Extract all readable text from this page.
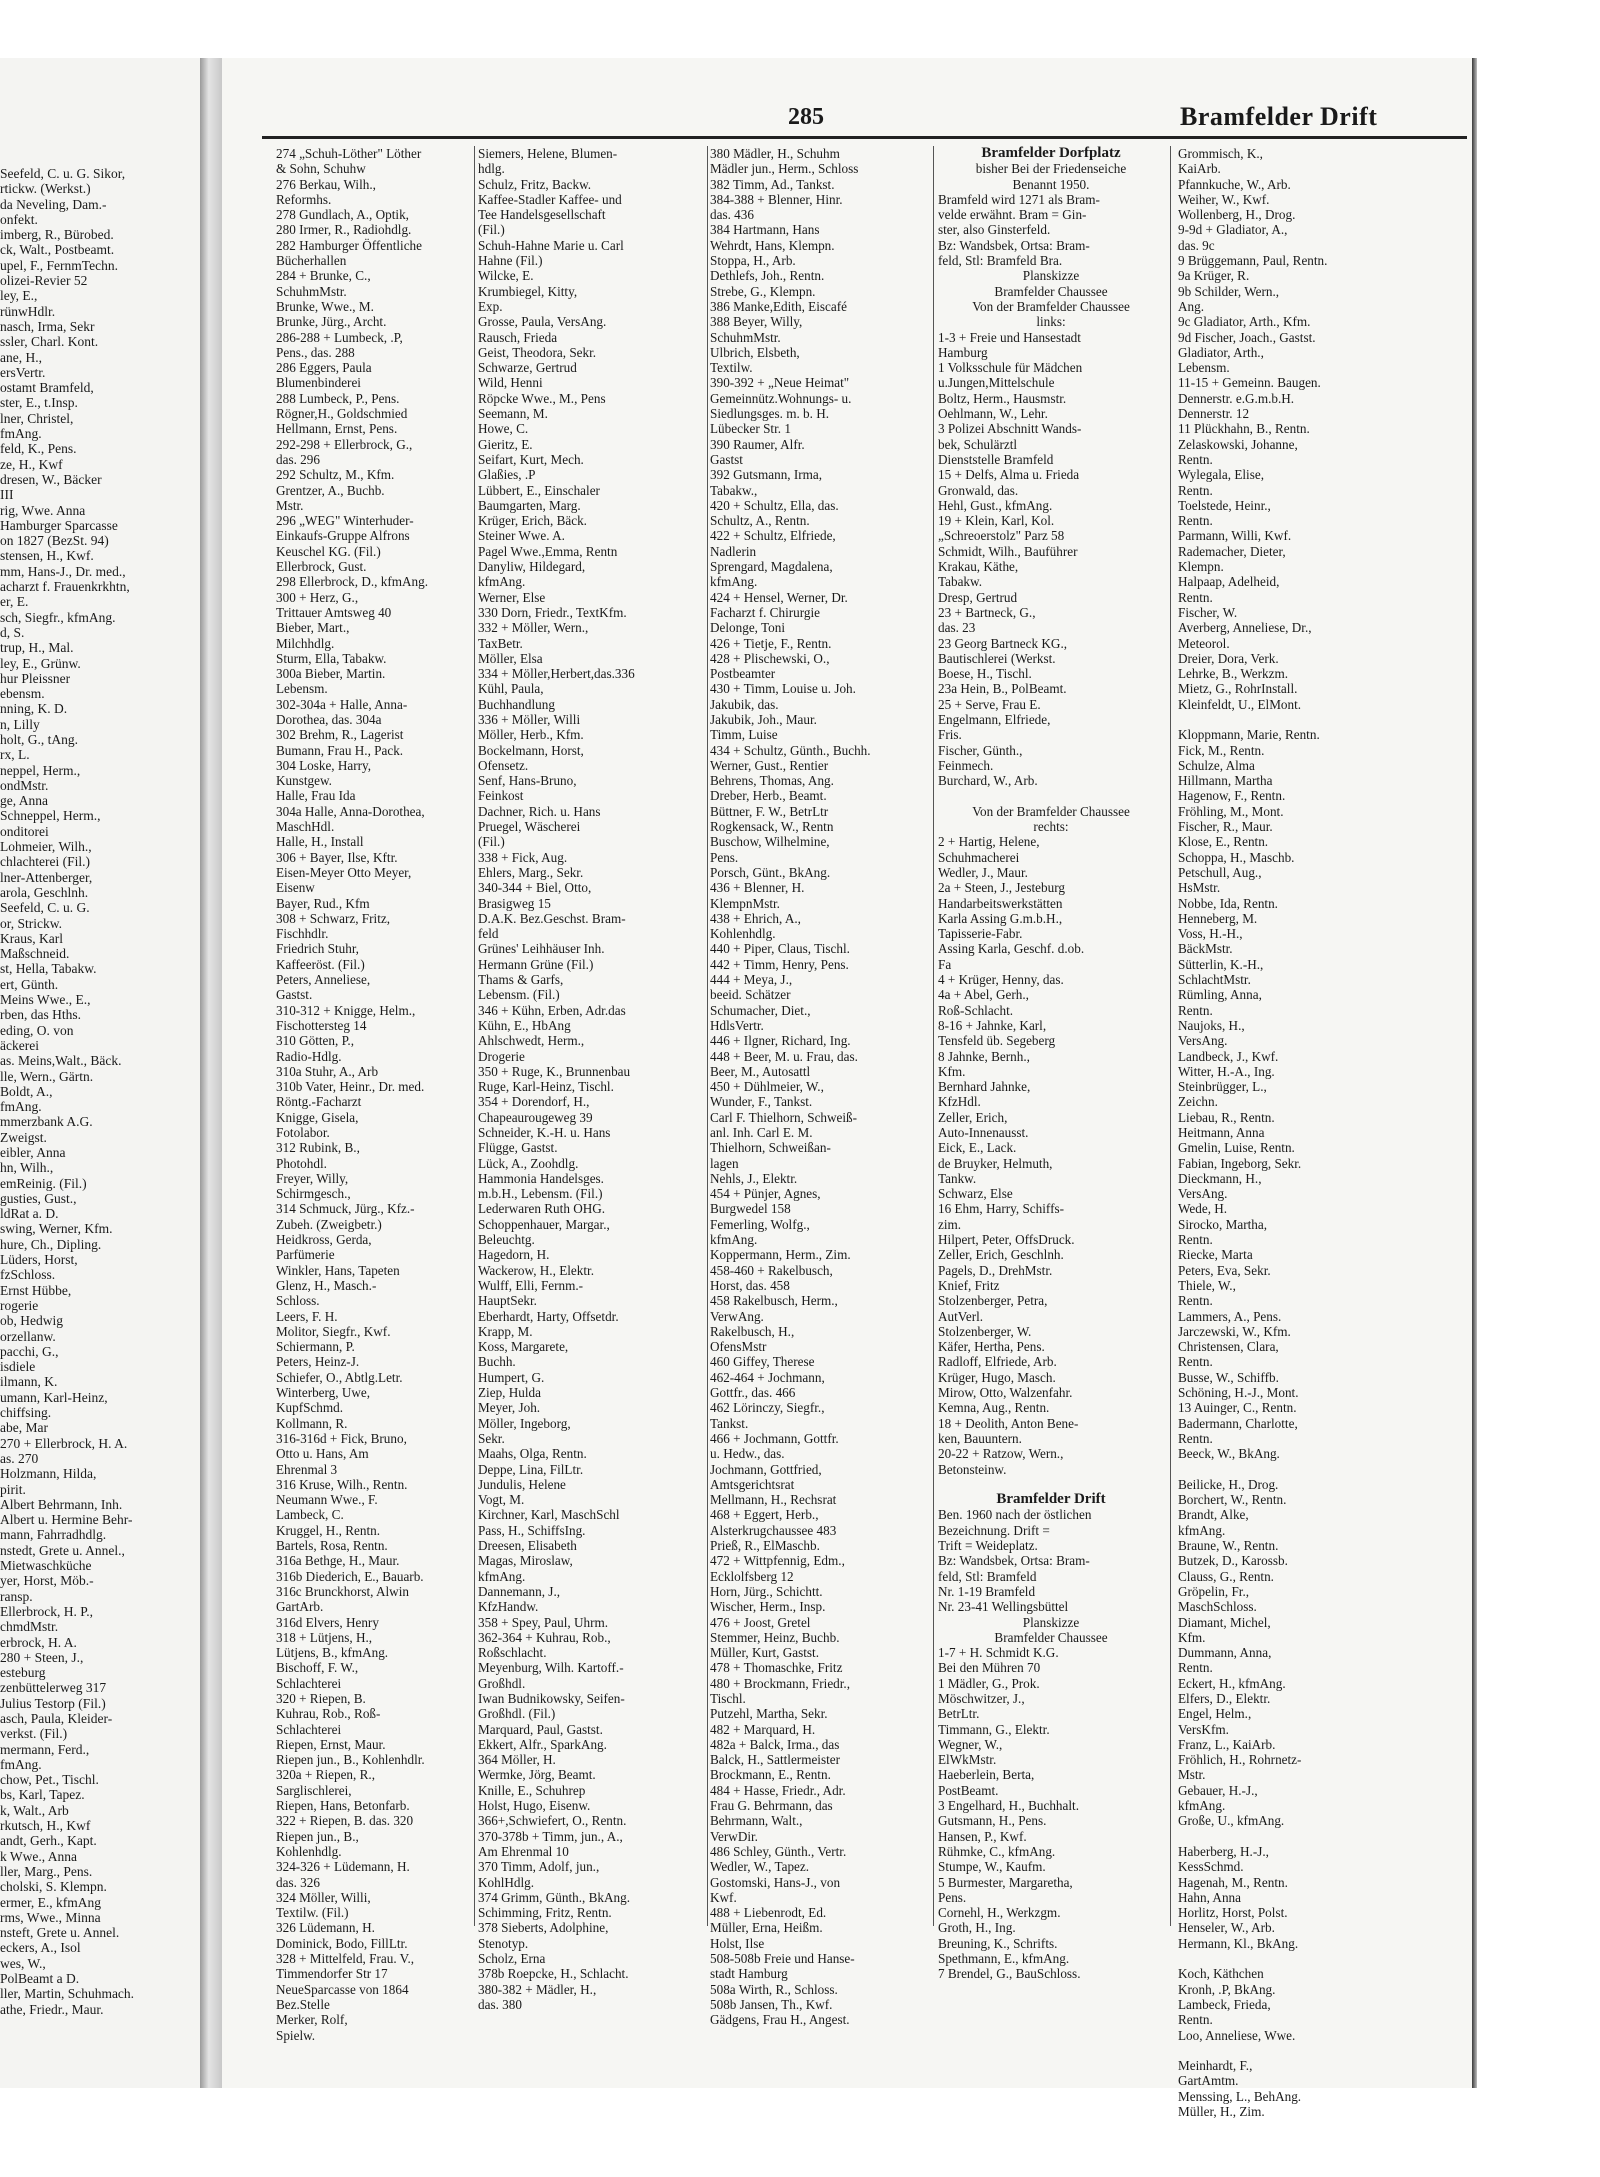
Seefeld, C. u. G. Sikor,

rtickw. (Werkst.)

da Neveling, Dam.-

onfekt.

imberg, R., Bürobed.

ck, Walt., Postbeamt.

upel, F., FernmTechn.

olizei-Revier 52

ley, E.,

rünwHdlr.

nasch, Irma, Sekr

ssler, Charl. Kont.

ane, H.,

ersVertr.

ostamt Bramfeld,

ster, E., t.Insp.

lner, Christel,

fmAng.

feld, K., Pens.

ze, H., Kwf

dresen, W., Bäcker

III

rig, Wwe. Anna

Hamburger Sparcasse

on 1827 (BezSt. 94)

stensen, H., Kwf.

mm, Hans-J., Dr. med.,

acharzt f. Frauenkrkhtn,

er, E.

sch, Siegfr., kfmAng.

d, S.

trup, H., Mal.

ley, E., Grünw.

hur Pleissner

ebensm.

nning, K. D.

n, Lilly

holt, G., tAng.

rx, L.

neppel, Herm.,

ondMstr.

ge, Anna

Schneppel, Herm.,

onditorei

Lohmeier, Wilh.,

chlachterei (Fil.)

lner-Attenberger,

arola, Geschlnh.

Seefeld, C. u. G.

or, Strickw.

Kraus, Karl

Maßschneid.

st, Hella, Tabakw.

ert, Günth.

Meins Wwe., E.,

rben, das Hths.

eding, O. von

äckerei

as. Meins,Walt., Bäck.

lle, Wern., Gärtn.

Boldt, A.,

fmAng.

mmerzbank A.G.

Zweigst.

eibler, Anna

hn, Wilh.,

emReinig. (Fil.)

gusties, Gust.,

ldRat a. D.

swing, Werner, Kfm.

hure, Ch., Dipling.

Lüders, Horst,

fzSchloss.

Ernst Hübbe,

rogerie

ob, Hedwig

orzellanw.

pacchi, G.,

isdiele

ilmann, K.

umann, Karl-Heinz,

chiffsing.

abe, Mar

270 + Ellerbrock, H. A.

as. 270

Holzmann, Hilda,

pirit.

Albert Behrmann, Inh.

Albert u. Hermine Behr-

mann, Fahrradhdlg.

nstedt, Grete u. Annel.,

Mietwaschküche

yer, Horst, Möb.-

ransp.

Ellerbrock, H. P.,

chmdMstr.

erbrock, H. A.

280 + Steen, J.,

esteburg

zenbüttelerweg 317

Julius Testorp (Fil.)

asch, Paula, Kleider-

verkst. (Fil.)

mermann, Ferd.,

fmAng.

chow, Pet., Tischl.

bs, Karl, Tapez.

k, Walt., Arb

rkutsch, H., Kwf

andt, Gerh., Kapt.

k Wwe., Anna

ller, Marg., Pens.

cholski, S. Klempn.

ermer, E., kfmAng

rms, Wwe., Minna

nsteft, Grete u. Annel.

eckers, A., Isol

wes, W.,

PolBeamt a D.

ller, Martin, Schuhmach.

athe, Friedr., Maur.

285	Bramfelder Drift

274 „Schuh-Löther" Löther

& Sohn, Schuhw

276 Berkau, Wilh.,

Reformhs.

278 Gundlach, A., Optik,

280 Irmer, R., Radiohdlg.

282 Hamburger Öffentliche

Bücherhallen

284 + Brunke, C.,

SchuhmMstr.

Brunke, Wwe., M.

Brunke, Jürg., Archt.

286-288 + Lumbeck, .P,

Pens., das. 288

286 Eggers, Paula

Blumenbinderei

288 Lumbeck, P., Pens.

Rögner,H., Goldschmied

Hellmann, Ernst, Pens.

292-298 + Ellerbrock, G.,

das. 296

292 Schultz, M., Kfm.

Grentzer, A., Buchb.

Mstr.

296 „WEG" Winterhuder-

Einkaufs-Gruppe Alfrons

Keuschel KG. (Fil.)

Ellerbrock, Gust.

298 Ellerbrock, D., kfmAng.

300 + Herz, G.,

Trittauer Amtsweg 40

Bieber, Mart.,

Milchhdlg.

Sturm, Ella, Tabakw.

300a Bieber, Martin.

Lebensm.

302-304a + Halle, Anna-

Dorothea, das. 304a

302 Brehm, R., Lagerist

Bumann, Frau H., Pack.

304 Loske, Harry,

Kunstgew.

Halle, Frau Ida

304a Halle, Anna-Dorothea,

MaschHdl.

Halle, H., Install

306 + Bayer, Ilse, Kftr.

Eisen-Meyer Otto Meyer,

Eisenw

Bayer, Rud., Kfm

308 + Schwarz, Fritz,

Fischhdlr.

Friedrich Stuhr,

Kaffeeröst. (Fil.)

Peters, Anneliese,

Gastst.

310-312 + Knigge, Helm.,

Fischottersteg 14

310 Götten, P.,

Radio-Hdlg.

310a Stuhr, A., Arb

310b Vater, Heinr., Dr. med.

Röntg.-Facharzt

Knigge, Gisela,

Fotolabor.

312 Rubink, B.,

Photohdl.

Freyer, Willy,

Schirmgesch.,

314 Schmuck, Jürg., Kfz.-

Zubeh. (Zweigbetr.)

Heidkross, Gerda,

Parfümerie

Winkler, Hans, Tapeten

Glenz, H., Masch.-

Schloss.

Leers, F. H.

Molitor, Siegfr., Kwf.

Schiermann, P.

Peters, Heinz-J.

Schiefer, O., Abtlg.Letr.

Winterberg, Uwe,

KupfSchmd.

Kollmann, R.

316-316d + Fick, Bruno,

Otto u. Hans, Am

Ehrenmal 3

316 Kruse, Wilh., Rentn.

Neumann Wwe., F.

Lambeck, C.

Kruggel, H., Rentn.

Bartels, Rosa, Rentn.

316a Bethge, H., Maur.

316b Diederich, E., Bauarb.

316c Brunckhorst, Alwin

GartArb.

316d Elvers, Henry

318 + Lütjens, H.,

Lütjens, B., kfmAng.

Bischoff, F. W.,

Schlachterei

320 + Riepen, B.

Kuhrau, Rob., Roß-

Schlachterei

Riepen, Ernst, Maur.

Riepen jun., B., Kohlenhdlr.

320a + Riepen, R.,

Sarglischlerei,

Riepen, Hans, Betonfarb.

322 + Riepen, B. das. 320

Riepen jun., B.,

Kohlenhdlg.

324-326 + Lüdemann, H.

das. 326

324 Möller, Willi,

Textilw. (Fil.)

326 Lüdemann, H.

Dominick, Bodo, FillLtr.

328 + Mittelfeld, Frau. V.,

Timmendorfer Str 17

NeueSparcasse von 1864

Bez.Stelle

Merker, Rolf,

Spielw.

Siemers, Helene, Blumen-

hdlg.

Schulz, Fritz, Backw.

Kaffee-Stadler Kaffee- und

Tee Handelsgesellschaft

(Fil.)

Schuh-Hahne Marie u. Carl

Hahne (Fil.)

Wilcke, E.

Krumbiegel, Kitty,

Exp.

Grosse, Paula, VersAng.

Rausch, Frieda

Geist, Theodora, Sekr.

Schwarze, Gertrud

Wild, Henni

Röpcke Wwe., M., Pens

Seemann, M.

Howe, C.

Gieritz, E.

Seifart, Kurt, Mech.

Glaßies, .P

Lübbert, E., Einschaler

Baumgarten, Marg.

Krüger, Erich, Bäck.

Steiner Wwe. A.

Pagel Wwe.,Emma, Rentn

Danyliw, Hildegard,

kfmAng.

Werner, Else

330 Dorn, Friedr., TextKfm.

332 + Möller, Wern.,

TaxBetr.

Möller, Elsa

334 + Möller,Herbert,das.336

Kühl, Paula,

Buchhandlung

336 + Möller, Willi

Möller, Herb., Kfm.

Bockelmann, Horst,

Ofensetz.

Senf, Hans-Bruno,

Feinkost

Dachner, Rich. u. Hans

Pruegel, Wäscherei

(Fil.)

338 + Fick, Aug.

Ehlers, Marg., Sekr.

340-344 + Biel, Otto,

Brasigweg 15

D.A.K. Bez.Geschst. Bram-

feld

Grünes' Leihhäuser Inh.

Hermann Grüne (Fil.)

Thams & Garfs,

Lebensm. (Fil.)

346 + Kühn, Erben, Adr.das

Kühn, E., HbAng

Ahlschwedt, Herm.,

Drogerie

350 + Ruge, K., Brunnenbau

Ruge, Karl-Heinz, Tischl.

354 + Dorendorf, H.,

Chapeaurougeweg 39

Schneider, K.-H. u. Hans

Flügge, Gastst.

Lück, A., Zoohdlg.

Hammonia Handelsges.

m.b.H., Lebensm. (Fil.)

Lederwaren Ruth OHG.

Schoppenhauer, Margar.,

Beleuchtg.

Hagedorn, H.

Wackerow, H., Elektr.

Wulff, Elli, Fernm.-

HauptSekr.

Eberhardt, Harty, Offsetdr.

Krapp, M.

Koss, Margarete,

Buchh.

Humpert, G.

Ziep, Hulda

Meyer, Joh.

Möller, Ingeborg,

Sekr.

Maahs, Olga, Rentn.

Deppe, Lina, FilLtr.

Jundulis, Helene

Vogt, M.

Kirchner, Karl, MaschSchl

Pass, H., SchiffsIng.

Dreesen, Elisabeth

Magas, Miroslaw,

kfmAng.

Dannemann, J.,

KfzHandw.

358 + Spey, Paul, Uhrm.

362-364 + Kuhrau, Rob.,

Roßschlacht.

Meyenburg, Wilh. Kartoff.-

Großhdl.

Iwan Budnikowsky, Seifen-

Großhdl. (Fil.)

Marquard, Paul, Gastst.

Ekkert, Alfr., SparkAng.

364 Möller, H.

Wermke, Jörg, Beamt.

Knille, E., Schuhrep

Holst, Hugo, Eisenw.

366+,Schwiefert, O., Rentn.

370-378b + Timm, jun., A.,

Am Ehrenmal 10

370 Timm, Adolf, jun.,

KohlHdlg.

374 Grimm, Günth., BkAng.

Schimming, Fritz, Rentn.

378 Sieberts, Adolphine,

Stenotyp.

Scholz, Erna

378b Roepcke, H., Schlacht.

380-382 + Mädler, H.,

das. 380

380 Mädler, H., Schuhm

Mädler jun., Herm., Schloss

382 Timm, Ad., Tankst.

384-388 + Blenner, Hinr.

das. 436

384 Hartmann, Hans

Wehrdt, Hans, Klempn.

Stoppa, H., Arb.

Dethlefs, Joh., Rentn.

Strebe, G., Klempn.

386 Manke,Edith, Eiscafé

388 Beyer, Willy,

SchuhmMstr.

Ulbrich, Elsbeth,

Textilw.

390-392 + „Neue Heimat"

Gemeinnütz.Wohnungs- u.

Siedlungsges. m. b. H.

Lübecker Str. 1

390 Raumer, Alfr.

Gastst

392 Gutsmann, Irma,

Tabakw.,

420 + Schultz, Ella, das.

Schultz, A., Rentn.

422 + Schultz, Elfriede,

Nadlerin

Sprengard, Magdalena,

kfmAng.

424 + Hensel, Werner, Dr.

Facharzt f. Chirurgie

Delonge, Toni

426 + Tietje, F., Rentn.

428 + Plischewski, O.,

Postbeamter

430 + Timm, Louise u. Joh.

Jakubik, das.

Jakubik, Joh., Maur.

Timm, Luise

434 + Schultz, Günth., Buchh.

Werner, Gust., Rentier

Behrens, Thomas, Ang.

Dreber, Herb., Beamt.

Büttner, F. W., BetrLtr

Rogkensack, W., Rentn

Buschow, Wilhelmine,

Pens.

Porsch, Günt., BkAng.

436 + Blenner, H.

KlempnMstr.

438 + Ehrich, A.,

Kohlenhdlg.

440 + Piper, Claus, Tischl.

442 + Timm, Henry, Pens.

444 + Meya, J.,

beeid. Schätzer

Schumacher, Diet.,

HdlsVertr.

446 + Ilgner, Richard, Ing.

448 + Beer, M. u. Frau, das.

Beer, M., Autosattl

450 + Dühlmeier, W.,

Wunder, F., Tankst.

Carl F. Thielhorn, Schweiß-

anl. Inh. Carl E. M.

Thielhorn, Schweißan-

lagen

Nehls, J., Elektr.

454 + Pünjer, Agnes,

Burgwedel 158

Femerling, Wolfg.,

kfmAng.

Koppermann, Herm., Zim.

458-460 + Rakelbusch,

Horst, das. 458

458 Rakelbusch, Herm.,

VerwAng.

Rakelbusch, H.,

OfensMstr

460 Giffey, Therese

462-464 + Jochmann,

Gottfr., das. 466

462 Lörinczy, Siegfr.,

Tankst.

466 + Jochmann, Gottfr.

u. Hedw., das.

Jochmann, Gottfried,

Amtsgerichtsrat

Mellmann, H., Rechsrat

468 + Eggert, Herb.,

Alsterkrugchaussee 483

Prieß, R., ElMaschb.

472 + Wittpfennig, Edm.,

Ecklolfsberg 12

Horn, Jürg., Schichtt.

Wischer, Herm., Insp.

476 + Joost, Gretel

Stemmer, Heinz, Buchb.

Müller, Kurt, Gastst.

478 + Thomaschke, Fritz

480 + Brockmann, Friedr.,

Tischl.

Putzehl, Martha, Sekr.

482 + Marquard, H.

482a + Balck, Irma., das

Balck, H., Sattlermeister

Brockmann, E., Rentn.

484 + Hasse, Friedr., Adr.

Frau G. Behrmann, das

Behrmann, Walt.,

VerwDir.

486 Schley, Günth., Vertr.

Wedler, W., Tapez.

Gostomski, Hans-J., von

Kwf.

488 + Liebenrodt, Ed.

Müller, Erna, Heißm.

Holst, Ilse

508-508b Freie und Hanse-

stadt Hamburg

508a Wirth, R., Schloss.

508b Jansen, Th., Kwf.

Gädgens, Frau H., Angest.

Bramfelder Dorfplatz

bisher Bei der Friedenseiche

Benannt 1950.

Bramfeld wird 1271 als Bram-

velde erwähnt. Bram = Gin-

ster, also Ginsterfeld.

Bz: Wandsbek, Ortsa: Bram-

feld, Stl: Bramfeld Bra.

Planskizze

Bramfelder Chaussee

Von der Bramfelder Chaussee

links:

1-3 + Freie und Hansestadt

Hamburg

1 Volksschule für Mädchen

u.Jungen,Mittelschule

Boltz, Herm., Hausmstr.

Oehlmann, W., Lehr.

3 Polizei Abschnitt Wands-

bek, Schulärztl

Dienststelle Bramfeld

15 + Delfs, Alma u. Frieda

Gronwald, das.

Hehl, Gust., kfmAng.

19 + Klein, Karl, Kol.

„Schreoerstolz" Parz 58

Schmidt, Wilh., Bauführer

Krakau, Käthe,

Tabakw.

Dresp, Gertrud

23 + Bartneck, G.,

das. 23

23 Georg Bartneck KG.,

Bautischlerei (Werkst.

Boese, H., Tischl.

23a Hein, B., PolBeamt.

25 + Serve, Frau E.

Engelmann, Elfriede,

Fris.

Fischer, Günth.,

Feinmech.

Burchard, W., Arb.

Von der Bramfelder Chaussee

rechts:

2 + Hartig, Helene,

Schuhmacherei

Wedler, J., Maur.

2a + Steen, J., Jesteburg

Handarbeitswerkstätten

Karla Assing G.m.b.H.,

Tapisserie-Fabr.

Assing Karla, Geschf. d.ob.

Fa

4 + Krüger, Henny, das.

4a + Abel, Gerh.,

Roß-Schlacht.

8-16 + Jahnke, Karl,

Tensfeld üb. Segeberg

8 Jahnke, Bernh.,

Kfm.

Bernhard Jahnke,

KfzHdl.

Zeller, Erich,

Auto-Innenausst.

Eick, E., Lack.

de Bruyker, Helmuth,

Tankw.

Schwarz, Else

16 Ehm, Harry, Schiffs-

zim.

Hilpert, Peter, OffsDruck.

Zeller, Erich, Geschlnh.

Pagels, D., DrehMstr.

Knief, Fritz

Stolzenberger, Petra,

AutVerl.

Stolzenberger, W.

Käfer, Hertha, Pens.

Radloff, Elfriede, Arb.

Krüger, Hugo, Masch.

Mirow, Otto, Walzenfahr.

Kemna, Aug., Rentn.

18 + Deolith, Anton Bene-

ken, Bauuntern.

20-22 + Ratzow, Wern.,

Betonsteinw.

Bramfelder Drift

Ben. 1960 nach der östlichen

Bezeichnung. Drift =

Trift = Weideplatz.

Bz: Wandsbek, Ortsa: Bram-

feld, Stl: Bramfeld

Nr. 1-19 Bramfeld

Nr. 23-41 Wellingsbüttel

Planskizze

Bramfelder Chaussee

1-7 + H. Schmidt K.G.

Bei den Mühren 70

1 Mädler, G., Prok.

Möschwitzer, J.,

BetrLtr.

Timmann, G., Elektr.

Wegner, W.,

ElWkMstr.

Haeberlein, Berta,

PostBeamt.

3 Engelhard, H., Buchhalt.

Gutsmann, H., Pens.

Hansen, P., Kwf.

Rühmke, C., kfmAng.

Stumpe, W., Kaufm.

5 Burmester, Margaretha,

Pens.

Cornehl, H., Werkzgm.

Groth, H., Ing.

Breuning, K., Schrifts.

Spethmann, E., kfmAng.

7 Brendel, G., BauSchloss.

Grommisch, K.,

KaiArb.

Pfannkuche, W., Arb.

Weiher, W., Kwf.

Wollenberg, H., Drog.

9-9d + Gladiator, A.,

das. 9c

9 Brüggemann, Paul, Rentn.

9a Krüger, R.

9b Schilder, Wern.,

Ang.

9c Gladiator, Arth., Kfm.

9d Fischer, Joach., Gastst.

Gladiator, Arth.,

Lebensm.

11-15 + Gemeinn. Baugen.

Dennerstr. e.G.m.b.H.

Dennerstr. 12

11 Plückhahn, B., Rentn.

Zelaskowski, Johanne,

Rentn.

Wylegala, Elise,

Rentn.

Toelstede, Heinr.,

Rentn.

Parmann, Willi, Kwf.

Rademacher, Dieter,

Klempn.

Halpaap, Adelheid,

Rentn.

Fischer, W.

Averberg, Anneliese, Dr.,

Meteorol.

Dreier, Dora, Verk.

Lehrke, B., Werkzm.

Mietz, G., RohrInstall.

Kleinfeldt, U., ElMont.

Kloppmann, Marie, Rentn.

Fick, M., Rentn.

Schulze, Alma

Hillmann, Martha

Hagenow, F., Rentn.

Fröhling, M., Mont.

Fischer, R., Maur.

Klose, E., Rentn.

Schoppa, H., Maschb.

Petschull, Aug.,

HsMstr.

Nobbe, Ida, Rentn.

Henneberg, M.

Voss, H.-H.,

BäckMstr.

Sütterlin, K.-H.,

SchlachtMstr.

Rümling, Anna,

Rentn.

Naujoks, H.,

VersAng.

Landbeck, J., Kwf.

Witter, H.-A., Ing.

Steinbrügger, L.,

Zeichn.

Liebau, R., Rentn.

Heitmann, Anna

Gmelin, Luise, Rentn.

Fabian, Ingeborg, Sekr.

Dieckmann, H.,

VersAng.

Wede, H.

Sirocko, Martha,

Rentn.

Riecke, Marta

Peters, Eva, Sekr.

Thiele, W.,

Rentn.

Lammers, A., Pens.

Jarczewski, W., Kfm.

Christensen, Clara,

Rentn.

Busse, W., Schiffb.

Schöning, H.-J., Mont.

13 Auinger, C., Rentn.

Badermann, Charlotte,

Rentn.

Beeck, W., BkAng.

Beilicke, H., Drog.

Borchert, W., Rentn.

Brandt, Alke,

kfmAng.

Braune, W., Rentn.

Butzek, D., Karossb.

Clauss, G., Rentn.

Gröpelin, Fr.,

MaschSchloss.

Diamant, Michel,

Kfm.

Dummann, Anna,

Rentn.

Eckert, H., kfmAng.

Elfers, D., Elektr.

Engel, Helm.,

VersKfm.

Franz, L., KaiArb.

Fröhlich, H., Rohrnetz-

Mstr.

Gebauer, H.-J.,

kfmAng.

Große, U., kfmAng.

Haberberg, H.-J.,

KessSchmd.

Hagenah, M., Rentn.

Hahn, Anna

Horlitz, Horst, Polst.

Henseler, W., Arb.

Hermann, Kl., BkAng.

Koch, Käthchen

Kronh, .P, BkAng.

Lambeck, Frieda,

Rentn.

Loo, Anneliese, Wwe.

Meinhardt, F.,

GartAmtm.

Menssing, L., BehAng.

Müller, H., Zim.
